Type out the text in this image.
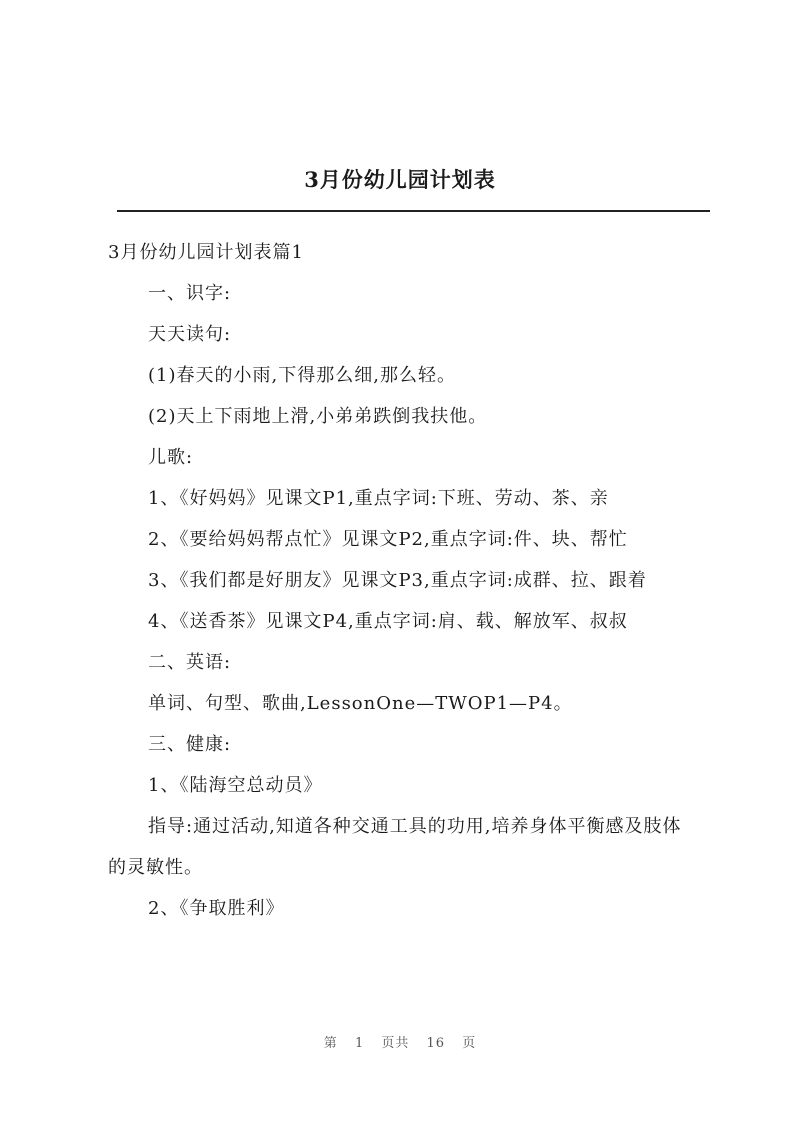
3月份幼儿园计划表

3月份幼儿园计划表篇1

一、识字:

天天读句:

(1)春天的小雨,下得那么细,那么轻。

(2)天上下雨地上滑,小弟弟跌倒我扶他。

儿歌:

1、《好妈妈》见课文P1,重点字词:下班、劳动、茶、亲

2、《要给妈妈帮点忙》见课文P2,重点字词:件、块、帮忙

3、《我们都是好朋友》见课文P3,重点字词:成群、拉、跟着

4、《送香茶》见课文P4,重点字词:肩、载、解放军、叔叔

二、英语:

单词、句型、歌曲,LessonOne—TWOP1—P4。

三、健康:

1、《陆海空总动员》

指导:通过活动,知道各种交通工具的功用,培养身体平衡感及肢体的灵敏性。

2、《争取胜利》

第 1 页共 16 页
